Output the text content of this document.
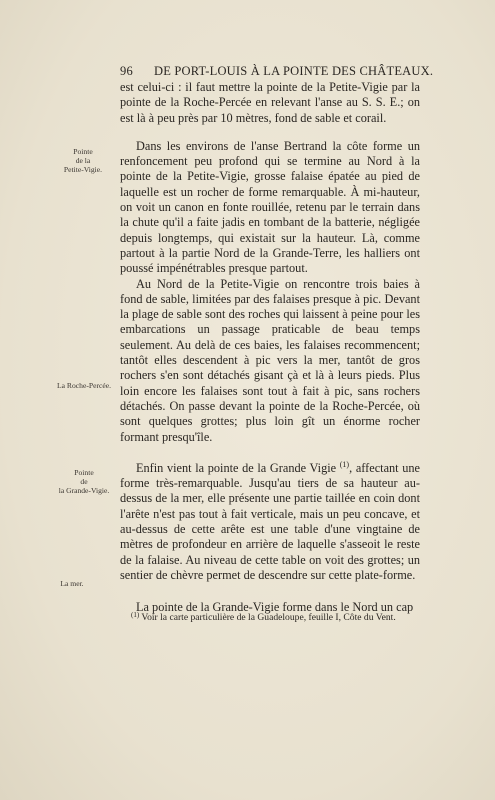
96 DE PORT-LOUIS À LA POINTE DES CHÂTEAUX.
Pointe
de la
Petite-Vigie.
La Roche-Percée.
Pointe
de
la Grande-Vigie.
La mer.

est celui-ci : il faut mettre la pointe de la Petite-Vigie par la pointe de la Roche-Percée en relevant l'anse au S. S. E.; on est là à peu près par 10 mètres, fond de sable et corail.

Dans les environs de l'anse Bertrand la côte forme un renfoncement peu profond qui se termine au Nord à la pointe de la Petite-Vigie, grosse falaise épatée au pied de laquelle est un rocher de forme remarquable. À mi-hauteur, on voit un canon en fonte rouillée, retenu par le terrain dans la chute qu'il a faite jadis en tombant de la batterie, négligée depuis longtemps, qui existait sur la hauteur. Là, comme partout à la partie Nord de la Grande-Terre, les halliers ont poussé impénétrables presque partout.

Au Nord de la Petite-Vigie on rencontre trois baies à fond de sable, limitées par des falaises presque à pic. Devant la plage de sable sont des roches qui laissent à peine pour les embarcations un passage praticable de beau temps seulement. Au delà de ces baies, les falaises recommencent; tantôt elles descendent à pic vers la mer, tantôt de gros rochers s'en sont détachés gisant çà et là à leurs pieds. Plus loin encore les falaises sont tout à fait à pic, sans rochers détachés. On passe devant la pointe de la Roche-Percée, où sont quelques grottes; plus loin gît un énorme rocher formant presqu'île.

Enfin vient la pointe de la Grande Vigie $^{(1)}$, affectant une forme très-remarquable. Jusqu'au tiers de sa hauteur au-dessus de la mer, elle présente une partie taillée en coin dont l'arête n'est pas tout à fait verticale, mais un peu concave, et au-dessus de cette arête est une table d'une vingtaine de mètres de profondeur en arrière de laquelle s'asseoit le reste de la falaise. Au niveau de cette table on voit des grottes; un sentier de chèvre permet de descendre sur cette plate-forme.

La pointe de la Grande-Vigie forme dans le Nord un cap

$^{(1)}$ Voir la carte particulière de la Guadeloupe, feuille I, Côte du Vent.
